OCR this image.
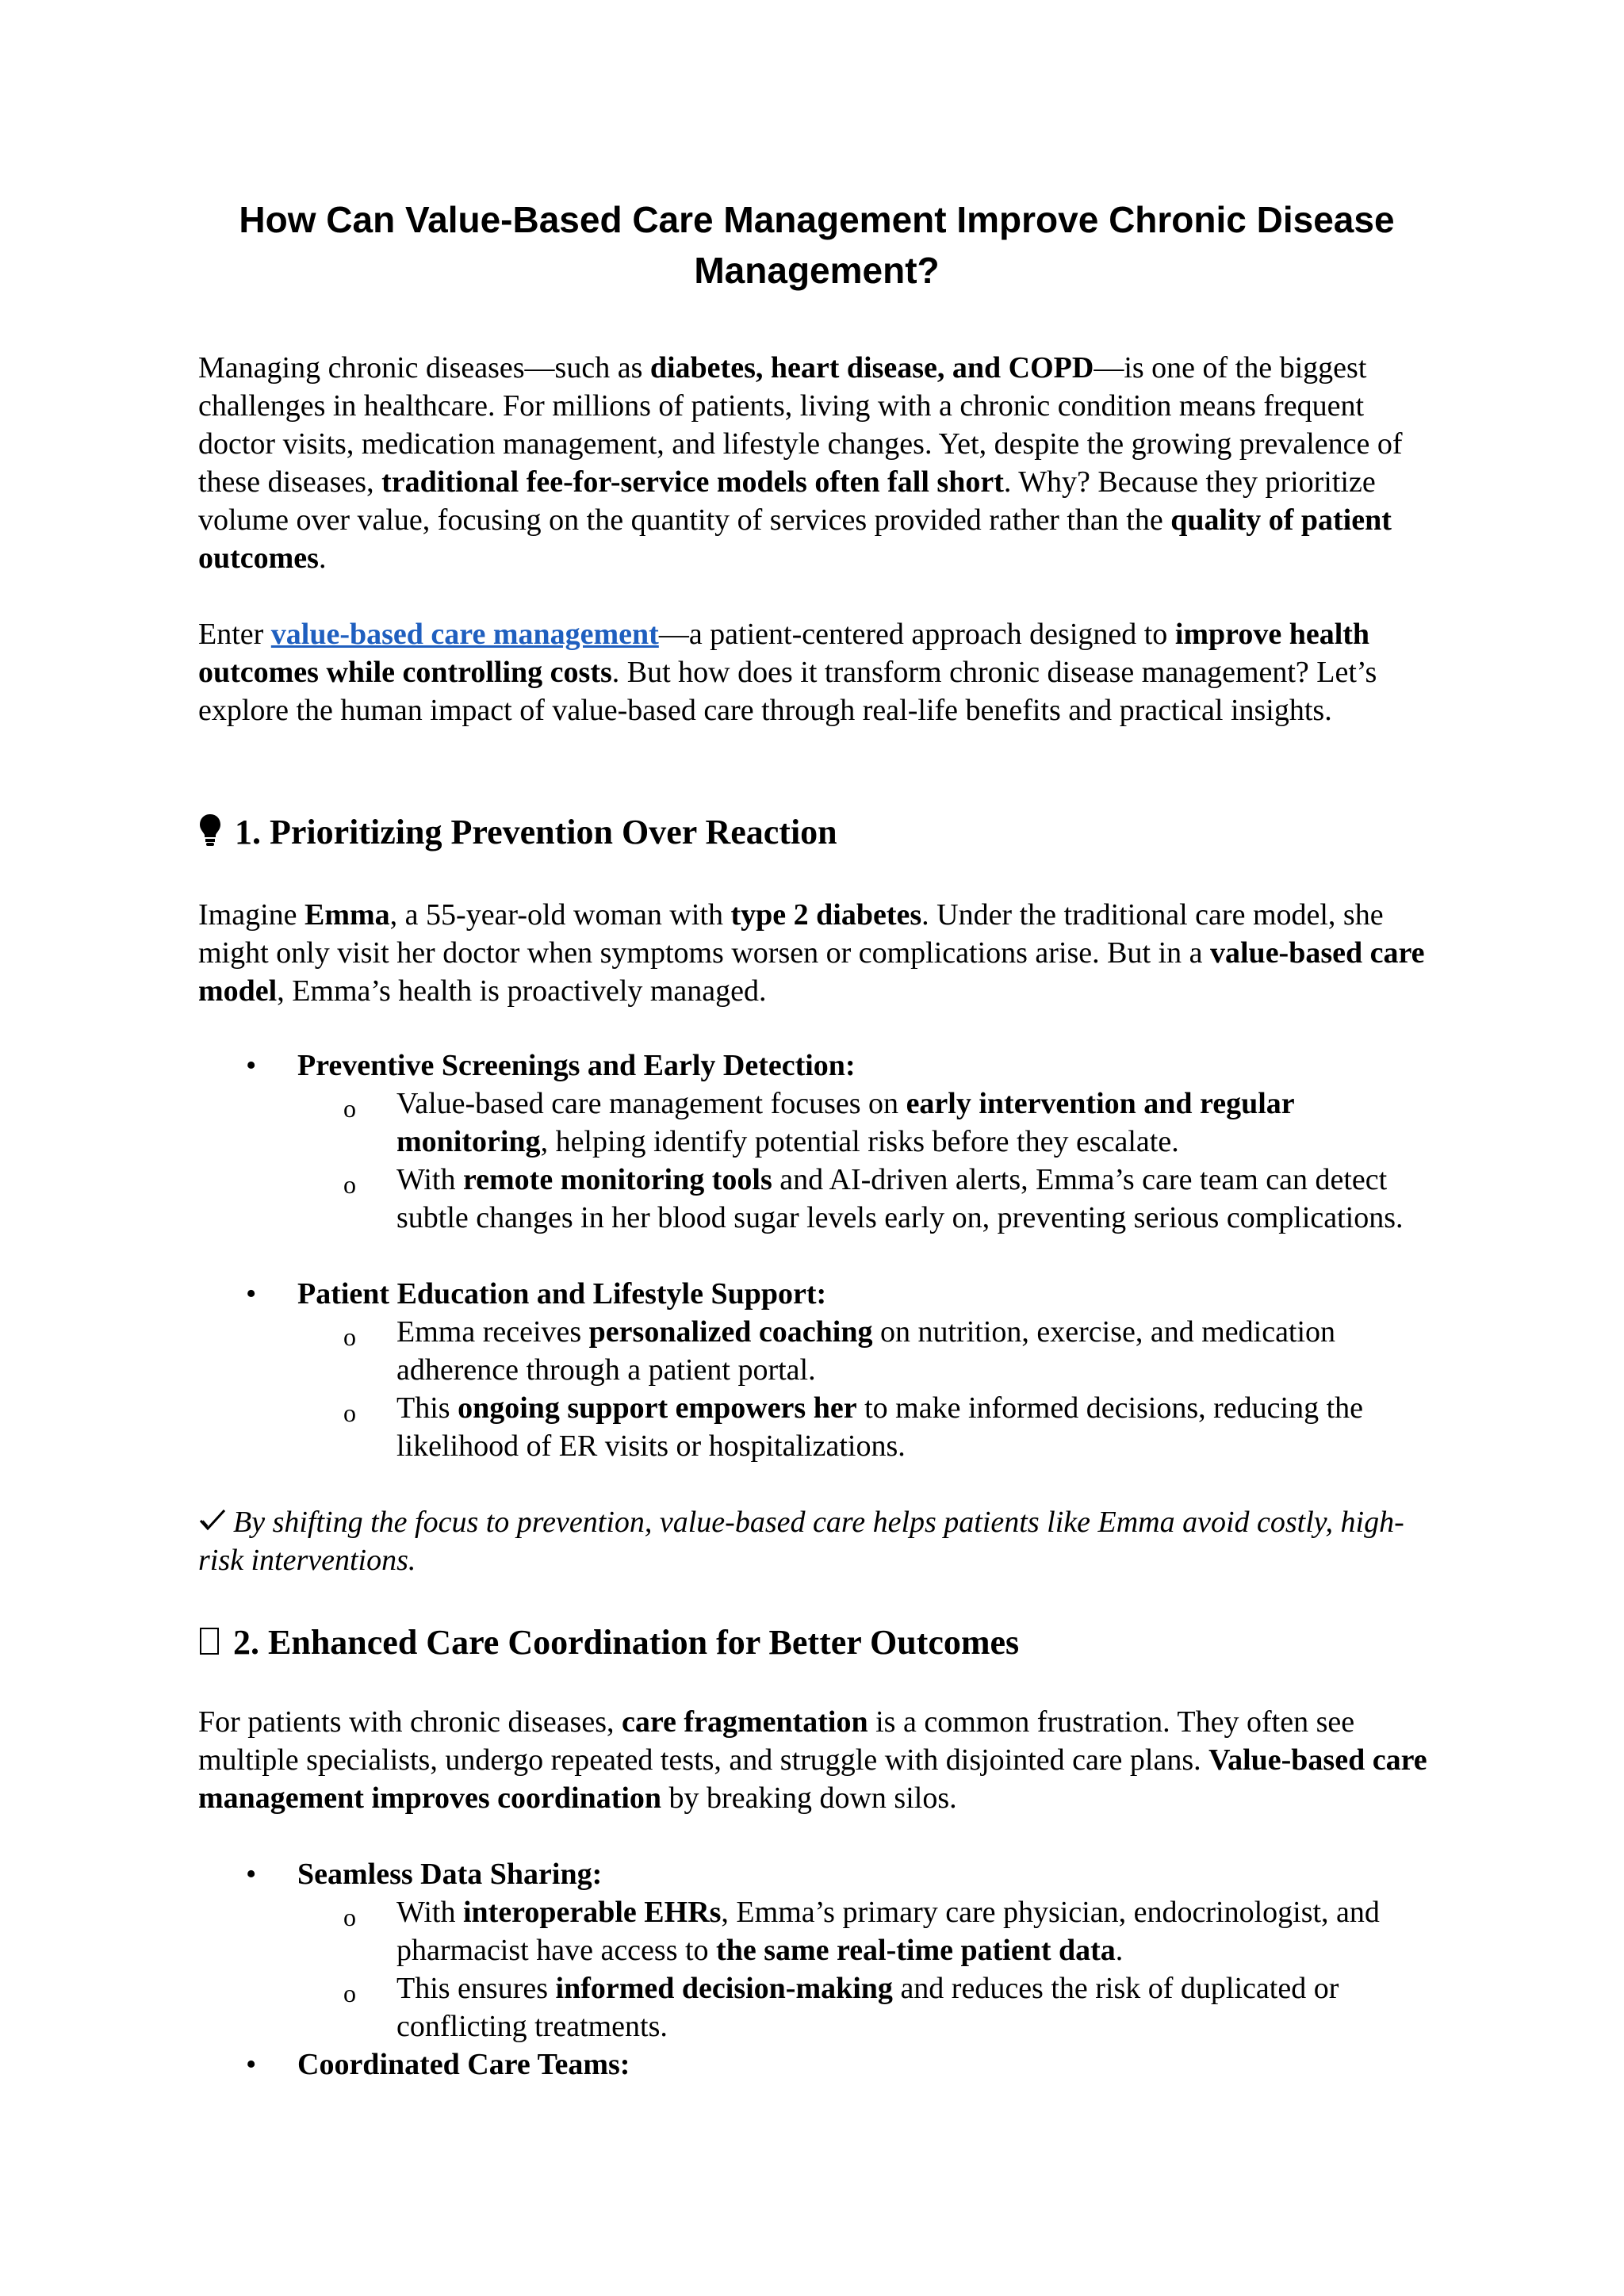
How Can Value-Based Care Management Improve Chronic Disease Management?

Managing chronic diseases—such as diabetes, heart disease, and COPD—is one of the biggest challenges in healthcare. For millions of patients, living with a chronic condition means frequent doctor visits, medication management, and lifestyle changes. Yet, despite the growing prevalence of these diseases, traditional fee-for-service models often fall short. Why? Because they prioritize volume over value, focusing on the quantity of services provided rather than the quality of patient outcomes.

Enter value-based care management—a patient-centered approach designed to improve health outcomes while controlling costs. But how does it transform chronic disease management? Let’s explore the human impact of value-based care through real-life benefits and practical insights.

1. Prioritizing Prevention Over Reaction

Imagine Emma, a 55-year-old woman with type 2 diabetes. Under the traditional care model, she might only visit her doctor when symptoms worsen or complications arise. But in a value-based care model, Emma’s health is proactively managed.

• Preventive Screenings and Early Detection:
o Value-based care management focuses on early intervention and regular monitoring, helping identify potential risks before they escalate.
o With remote monitoring tools and AI-driven alerts, Emma’s care team can detect subtle changes in her blood sugar levels early on, preventing serious complications.
• Patient Education and Lifestyle Support:
o Emma receives personalized coaching on nutrition, exercise, and medication adherence through a patient portal.
o This ongoing support empowers her to make informed decisions, reducing the likelihood of ER visits or hospitalizations.

By shifting the focus to prevention, value-based care helps patients like Emma avoid costly, high-risk interventions.

2. Enhanced Care Coordination for Better Outcomes

For patients with chronic diseases, care fragmentation is a common frustration. They often see multiple specialists, undergo repeated tests, and struggle with disjointed care plans. Value-based care management improves coordination by breaking down silos.

• Seamless Data Sharing:
o With interoperable EHRs, Emma’s primary care physician, endocrinologist, and pharmacist have access to the same real-time patient data.
o This ensures informed decision-making and reduces the risk of duplicated or conflicting treatments.
• Coordinated Care Teams:
